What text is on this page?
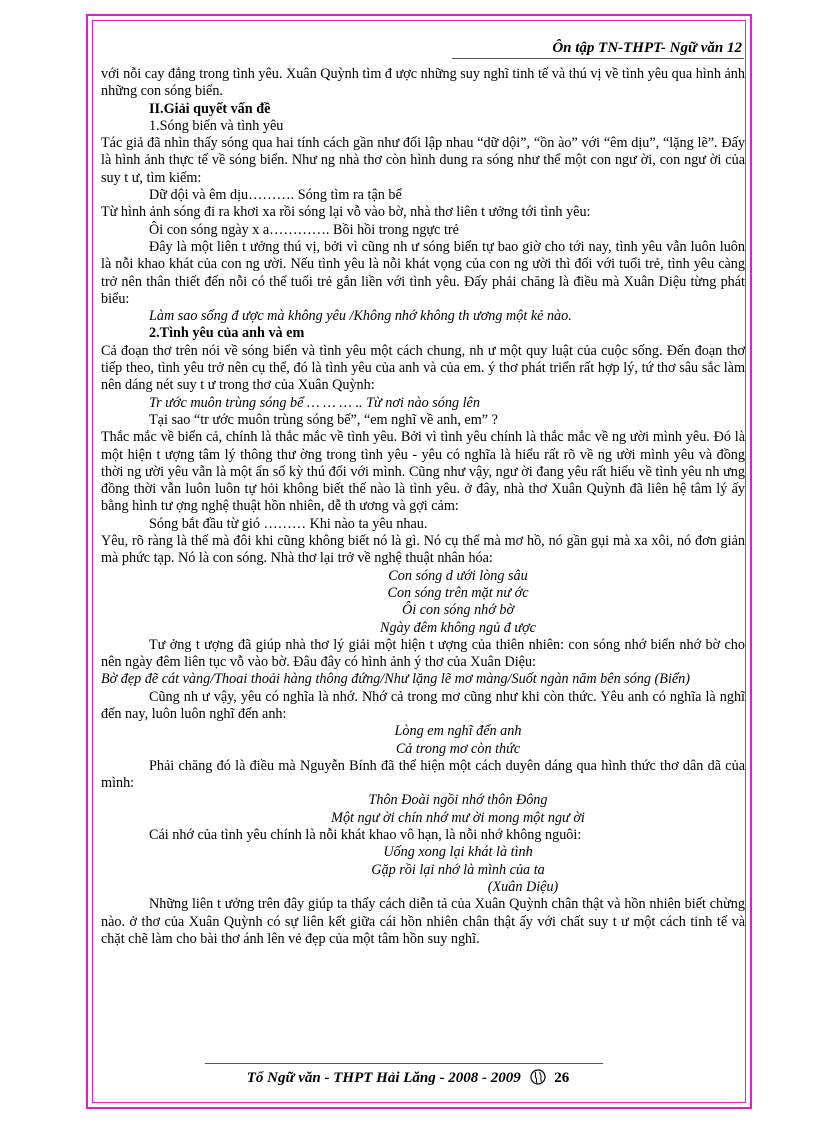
Ôn tập TN-THPT- Ngữ văn 12

với nỗi cay đắng trong tình yêu. Xuân Quỳnh tìm đ ược những suy nghĩ tinh tế và thú vị về tình yêu qua hình ảnh những con sóng biển.

II.Giải quyết vấn đề

1.Sóng biển và tình yêu

Tác giả đã nhìn thấy sóng qua hai tính cách gần như đối lập nhau “dữ dội”, “ồn ào” với “êm dịu”, “lặng lẽ”. Đấy là hình ảnh thực tế về sóng biển. Như ng nhà thơ còn hình dung ra sóng như thể một con ngư ời, con ngư ời của suy t ư, tìm kiếm:

Dữ dội và êm dịu………. Sóng tìm ra tận bể

Từ hình ảnh sóng đi ra khơi xa rồi sóng lại vỗ vào bờ, nhà thơ liên t ưởng tới tình yêu:

Ôi con sóng ngày x a…………. Bồi hồi trong ngực trẻ

Đây là một liên t ưởng thú vị, bởi vì cũng nh ư sóng biển tự bao giờ cho tới nay, tình yêu vẫn luôn luôn là nỗi khao khát của con ng ười. Nếu tình yêu là nỗi khát vọng của con ng ười thì đối với tuổi trẻ, tình yêu càng trở nên thân thiết đến nỗi có thể tuổi trẻ gắn liền với tình yêu. Đấy phải chăng là điều mà Xuân Diệu từng phát biểu:

Làm sao sống đ ược mà không yêu /Không nhớ không th ương một kẻ nào.

2.Tình yêu của anh và em

Cả đoạn thơ trên nói về sóng biển và tình yêu một cách chung, nh ư một quy luật của cuộc sống. Đến đoạn thơ tiếp theo, tình yêu trở nên cụ thể, đó là tình yêu của anh và của em. ý thơ phát triển rất hợp lý, tứ thơ sâu sắc làm nên dáng nét suy t ư trong thơ của Xuân Quỳnh:

Tr ước muôn trùng sóng bể … … … .. Từ nơi nào sóng lên

Tại sao “tr ước muôn trùng sóng bể”, “em nghĩ về anh, em” ?

Thắc mắc về biển cả, chính là thắc mắc về tình yêu. Bởi vì tình yêu chính là thắc mắc về ng ười mình yêu. Đó là một hiện t ượng tâm lý thông thư ờng trong tình yêu - yêu có nghĩa là hiểu rất rõ về ng ười mình yêu và đồng thời ng ười yêu vẫn là một ẩn số kỳ thú đối với mình. Cũng như vậy, ngư ời đang yêu rất hiểu về tình yêu nh ưng đồng thời vẫn luôn luôn tự hỏi không biết thế nào là tình yêu. ở đây, nhà thơ Xuân Quỳnh đã liên hệ tâm lý ấy bằng hình tư ợng nghệ thuật hồn nhiên, dễ th ương và gợi cảm:

Sóng bắt đầu từ gió ……… Khi nào ta yêu nhau.

Yêu, rõ ràng là thế mà đôi khi cũng không biết nó là gì. Nó cụ thể mà mơ hồ, nó gần gụi mà xa xôi, nó đơn giản mà phức tạp. Nó là con sóng. Nhà thơ lại trở về nghệ thuật nhân hóa:

Con sóng d ưới lòng sâu

Con sóng trên mặt nư ớc

Ôi con sóng nhớ bờ

Ngày đêm không ngủ đ ược

Tư ởng t ượng đã giúp nhà thơ lý giải một hiện t ượng của thiên nhiên: con sóng nhớ biển nhớ bờ cho nên ngày đêm liên tục vỗ vào bờ. Đâu đây có hình ảnh ý thơ của Xuân Diệu:

Bờ đẹp đẽ cát vàng/Thoai thoải hàng thông đứng/Như lặng lẽ mơ màng/Suốt ngàn năm bên sóng (Biển)

Cũng nh ư vậy, yêu có nghĩa là nhớ. Nhớ cả trong mơ cũng như khi còn thức. Yêu anh có nghĩa là nghĩ đến nay, luôn luôn nghĩ đến anh:

Lòng em nghĩ đến anh

Cả trong mơ còn thức

Phải chăng đó là điều mà Nguyễn Bính đã thể hiện một cách duyên dáng qua hình thức thơ dân dã của mình:

Thôn Đoài ngồi nhớ thôn Đông

Một ngư ời chín nhớ mư ời mong một ngư ời

Cái nhớ của tình yêu chính là nỗi khát khao vô hạn, là nỗi nhớ không nguôi:

Uống xong lại khát là tình

Gặp rồi lại nhớ là mình của ta

(Xuân Diệu)

Những liên t ưởng trên đây giúp ta thấy cách diễn tả của Xuân Quỳnh chân thật và hồn nhiên biết chừng nào. ở thơ của Xuân Quỳnh có sự liên kết giữa cái hồn nhiên chân thật ấy với chất suy t ư một cách tinh tế và chặt chẽ làm cho bài thơ ánh lên vẻ đẹp của một tâm hồn suy nghĩ.

Tổ Ngữ văn - THPT Hải Lăng - 2008 - 2009 26
